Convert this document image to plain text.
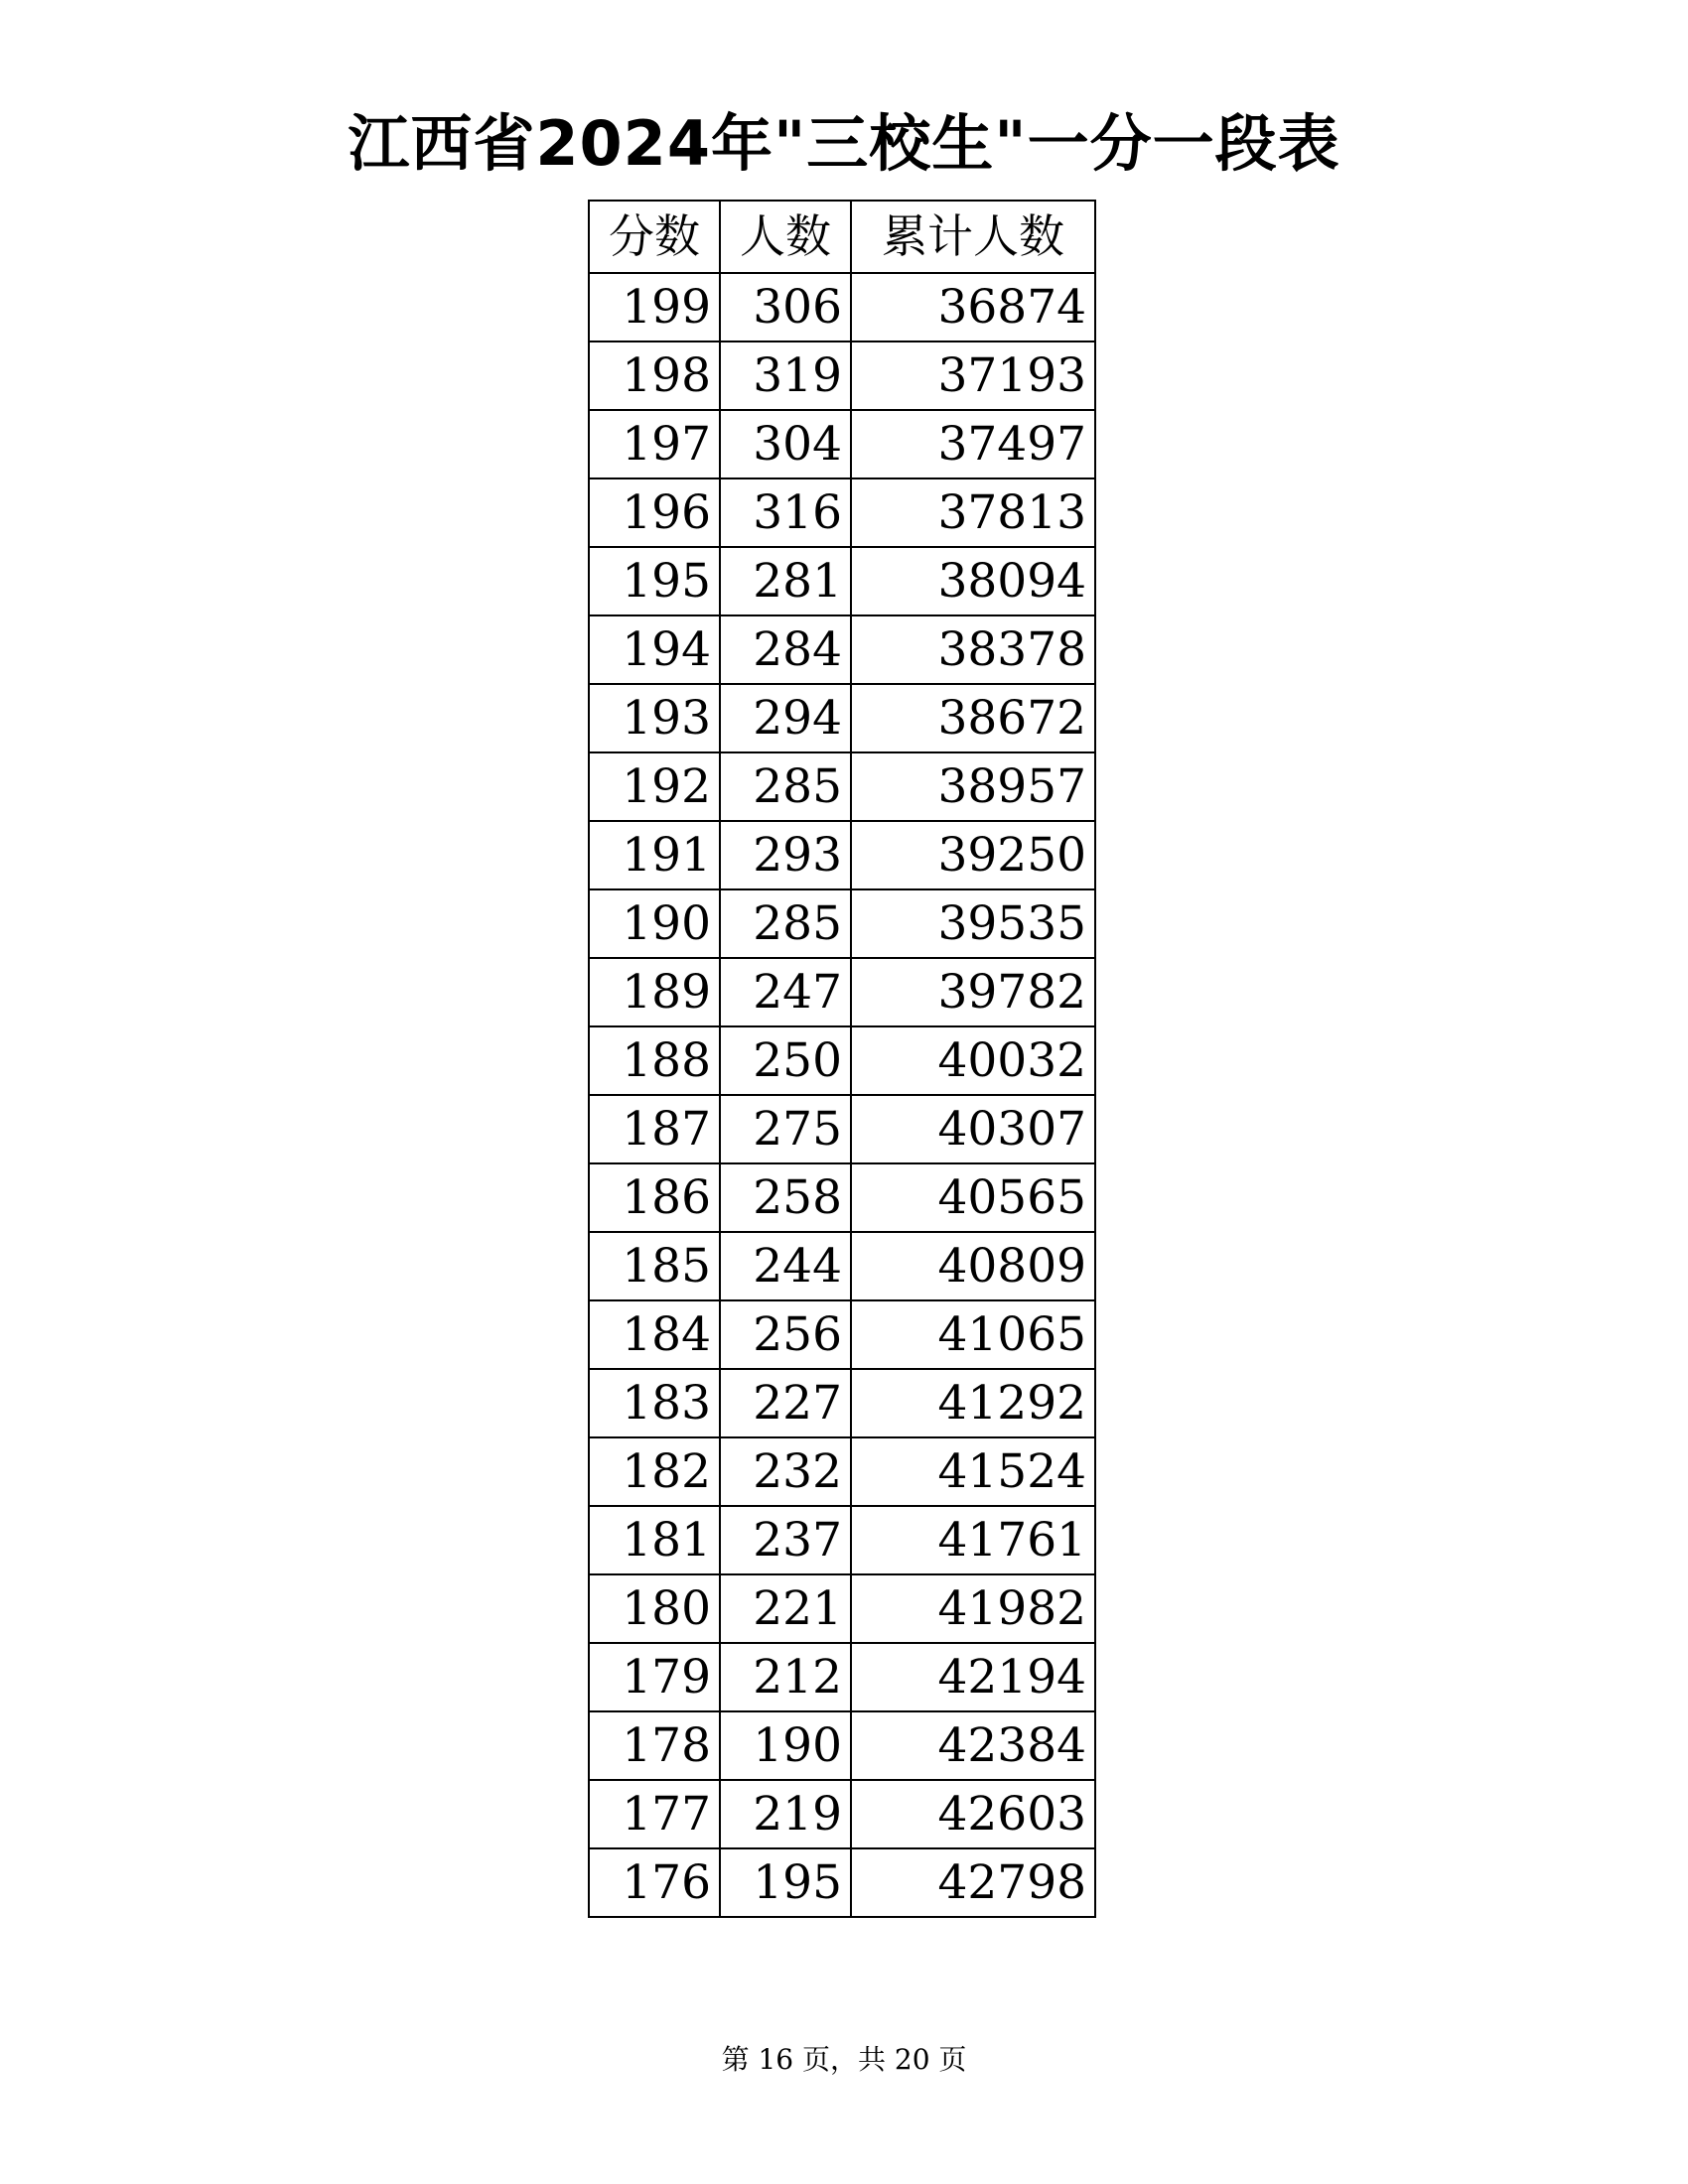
江西省2024年"三校生"一分一段表
分数	人数	累计人数
199	306	36874
198	319	37193
197	304	37497
196	316	37813
195	281	38094
194	284	38378
193	294	38672
192	285	38957
191	293	39250
190	285	39535
189	247	39782
188	250	40032
187	275	40307
186	258	40565
185	244	40809
184	256	41065
183	227	41292
182	232	41524
181	237	41761
180	221	41982
179	212	42194
178	190	42384
177	219	42603
176	195	42798
第 16 页，共 20 页
